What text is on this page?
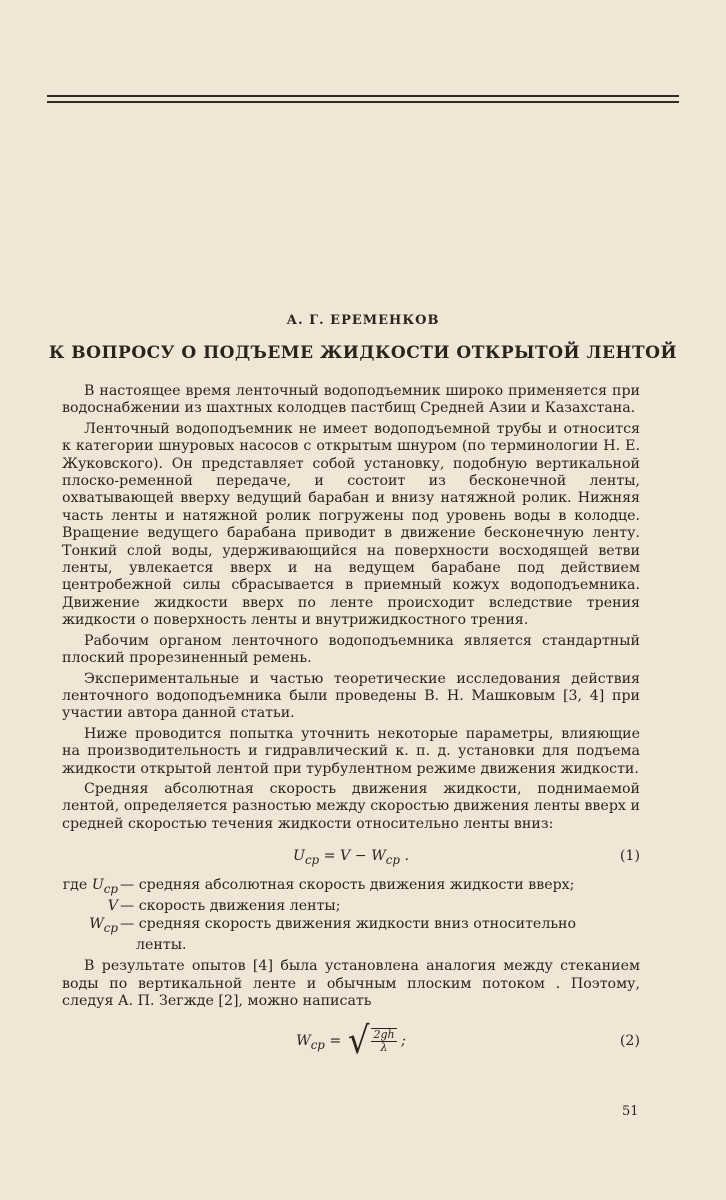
А. Г. ЕРЕМЕНКОВ
К ВОПРОСУ О ПОДЪЕМЕ ЖИДКОСТИ ОТКРЫТОЙ ЛЕНТОЙ

В настоящее время ленточный водоподъемник широко применяется при водоснабжении из шахтных колодцев пастбищ Средней Азии и Казахстана.

Ленточный водоподъемник не имеет водоподъемной трубы и относится к категории шнуровых насосов с открытым шнуром (по терминологии Н. Е. Жуковского). Он представляет собой установку, подобную вертикальной плоско-ременной передаче, и состоит из бесконечной ленты, охватывающей вверху ведущий барабан и внизу натяжной ролик. Нижняя часть ленты и натяжной ролик погружены под уровень воды в колодце. Вращение ведущего барабана приводит в движение бесконечную ленту. Тонкий слой воды, удерживающийся на поверхности восходящей ветви ленты, увлекается вверх и на ведущем барабане под действием центробежной силы сбрасывается в приемный кожух водоподъемника. Движение жидкости вверх по ленте происходит вследствие трения жидкости о поверхность ленты и внутрижидкостного трения.

Рабочим органом ленточного водоподъемника является стандартный плоский прорезиненный ремень.

Экспериментальные и частью теоретические исследования действия ленточного водоподъемника были проведены В. Н. Машковым [3, 4] при участии автора данной статьи.

Ниже проводится попытка уточнить некоторые параметры, влияющие на производительность и гидравлический к. п. д. установки для подъема жидкости открытой лентой при турбулентном режиме движения жидкости.

Средняя абсолютная скорость движения жидкости, поднимаемой лентой, определяется разностью между скоростью движения ленты вверх и средней скоростью течения жидкости относительно ленты вниз:

$U_{ср} = V - W_{ср}$ .	(1)
где $U_{ср}$ — средняя абсолютная скорость движения жидкости вверх;
V — скорость движения ленты;
$W_{ср}$ — средняя скорость движения жидкости вниз относительно
ленты.

В результате опытов [4] была установлена аналогия между стеканием воды по вертикальной ленте и обычным плоским потоком . Поэтому, следуя А. П. Зегжде [2], можно написать

$W_{ср}$ = √ $\frac{2gh}{\lambda}$ ;	(2)
51
